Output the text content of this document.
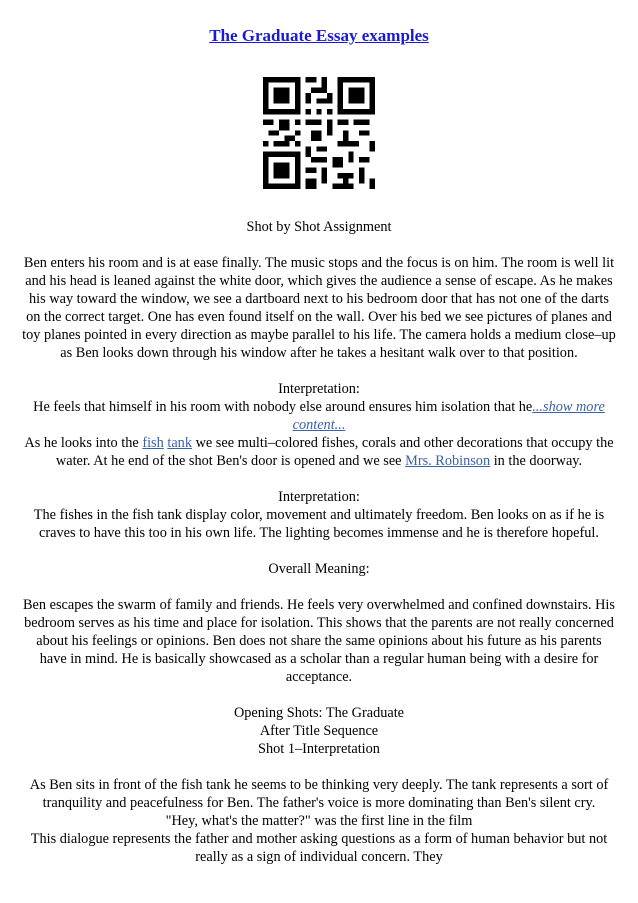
The Graduate Essay examples

Shot by Shot Assignment

Ben enters his room and is at ease finally. The music stops and the focus is on him. The room is well lit and his head is leaned against the white door, which gives the audience a sense of escape. As he makes his way toward the window, we see a dartboard next to his bedroom door that has not one of the darts on the correct target. One has even found itself on the wall. Over his bed we see pictures of planes and toy planes pointed in every direction as maybe parallel to his life. The camera holds a medium close–up as Ben looks down through his window after he takes a hesitant walk over to that position.

Interpretation:

He feels that himself in his room with nobody else around ensures him isolation that he...show more content...

As he looks into the fish tank we see multi–colored fishes, corals and other decorations that occupy the water. At he end of the shot Ben's door is opened and we see Mrs. Robinson in the doorway.

Interpretation:

The fishes in the fish tank display color, movement and ultimately freedom. Ben looks on as if he is craves to have this too in his own life. The lighting becomes immense and he is therefore hopeful.

Overall Meaning:

Ben escapes the swarm of family and friends. He feels very overwhelmed and confined downstairs. His bedroom serves as his time and place for isolation. This shows that the parents are not really concerned about his feelings or opinions. Ben does not share the same opinions about his future as his parents have in mind. He is basically showcased as a scholar than a regular human being with a desire for acceptance.

Opening Shots: The Graduate

After Title Sequence

Shot 1–Interpretation

As Ben sits in front of the fish tank he seems to be thinking very deeply. The tank represents a sort of tranquility and peacefulness for Ben. The father's voice is more dominating than Ben's silent cry.

"Hey, what's the matter?" was the first line in the film

This dialogue represents the father and mother asking questions as a form of human behavior but not really as a sign of individual concern. They
